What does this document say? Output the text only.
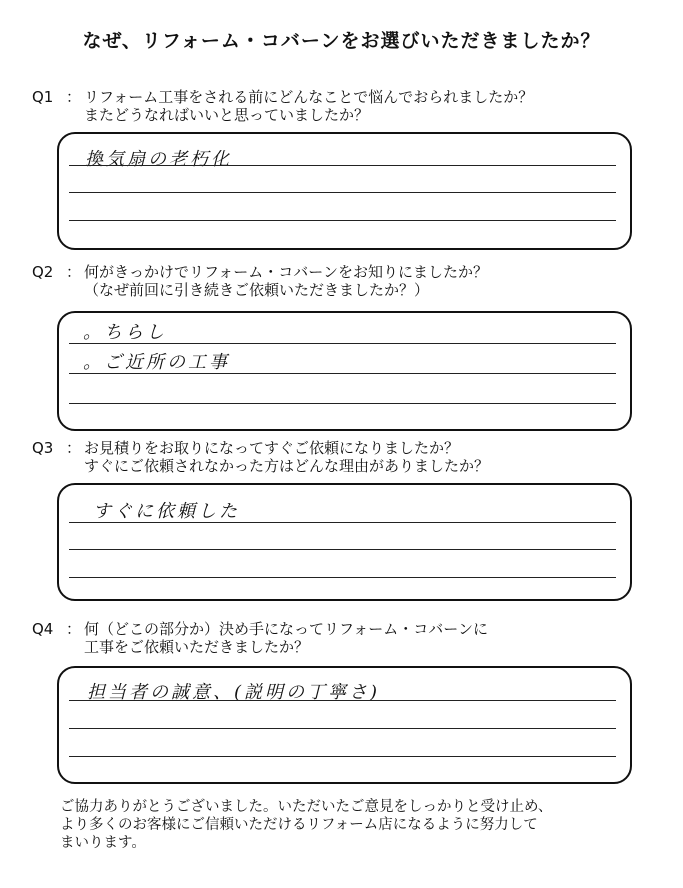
なぜ、リフォーム・コバーンをお選びいただきましたか？
Q1 ： リフォーム工事をされる前にどんなことで悩んでおられましたか？
またどうなればいいと思っていましたか？
換気扇の老朽化
Q2 ： 何がきっかけでリフォーム・コバーンをお知りにましたか？
（なぜ前回に引き続きご依頼いただきましたか？）
。ちらし
。ご近所の工事
Q3 ： お見積りをお取りになってすぐご依頼になりましたか？
すぐにご依頼されなかった方はどんな理由がありましたか？
すぐに依頼した
Q4 ： 何（どこの部分か）決め手になってリフォーム・コバーンに
工事をご依頼いただきましたか？
担当者の誠意、(説明の丁寧さ)
ご協力ありがとうございました。いただいたご意見をしっかりと受け止め、
より多くのお客様にご信頼いただけるリフォーム店になるように努力して
まいります。
